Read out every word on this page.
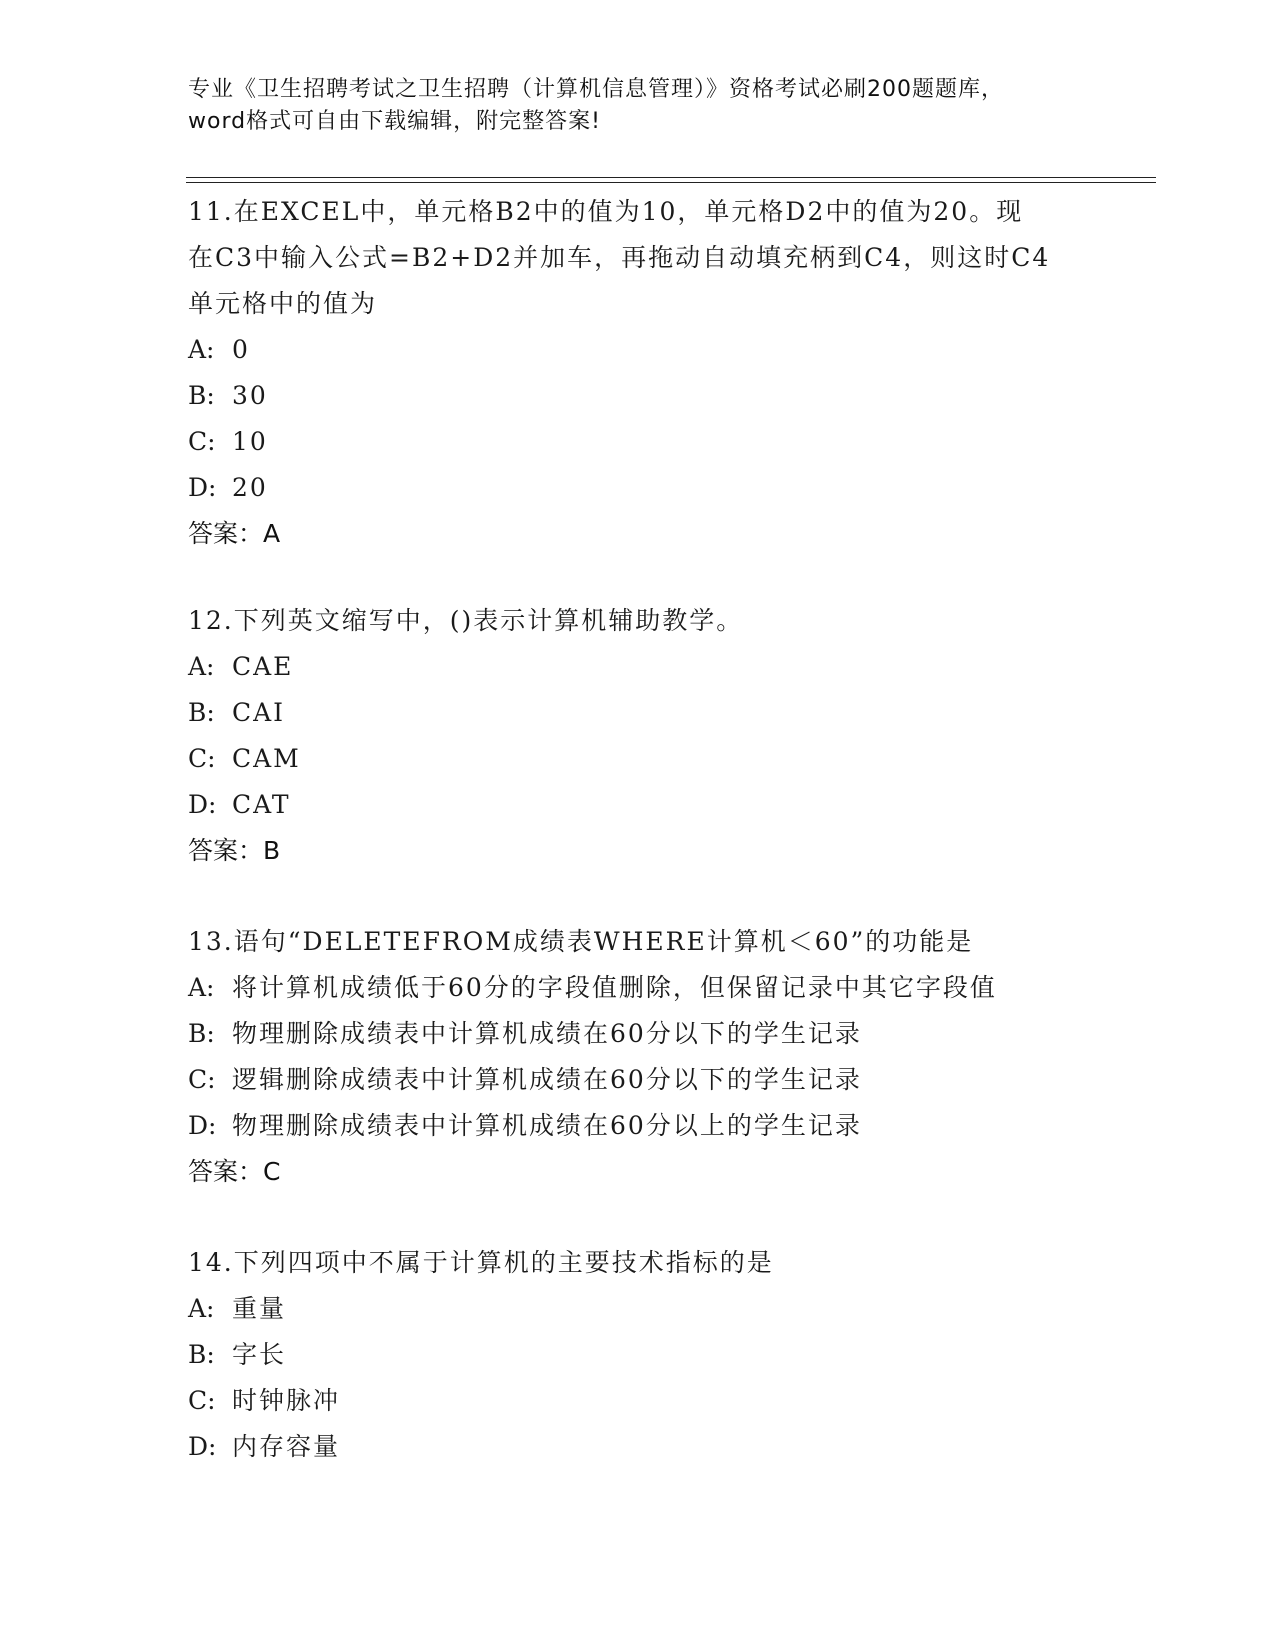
专业《卫生招聘考试之卫生招聘（计算机信息管理）》资格考试必刷200题题库，
word格式可自由下载编辑，附完整答案!
11.在EXCEL中，单元格B2中的值为10，单元格D2中的值为20。现
在C3中输入公式=B2+D2并加车，再拖动自动填充柄到C4，则这时C4
单元格中的值为
A: 0
B: 30
C: 10
D: 20
答案：A
12.下列英文缩写中，()表示计算机辅助教学。
A: CAE
B: CAI
C: CAM
D: CAT
答案：B
13.语句“DELETEFROM成绩表WHERE计算机＜60”的功能是
A: 将计算机成绩低于60分的字段值删除，但保留记录中其它字段值
B: 物理删除成绩表中计算机成绩在60分以下的学生记录
C: 逻辑删除成绩表中计算机成绩在60分以下的学生记录
D: 物理删除成绩表中计算机成绩在60分以上的学生记录
答案：C
14.下列四项中不属于计算机的主要技术指标的是
A: 重量
B: 字长
C: 时钟脉冲
D: 内存容量
